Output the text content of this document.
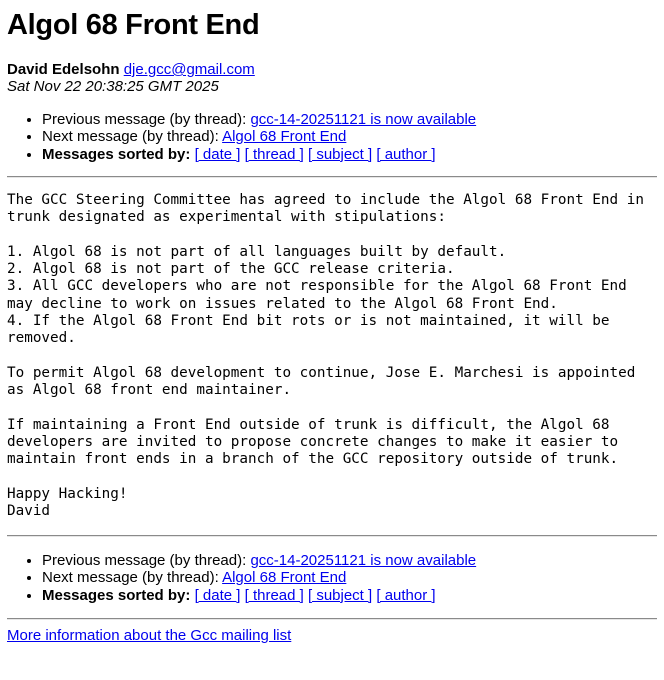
Algol 68 Front End
David Edelsohn dje.gcc@gmail.com
Sat Nov 22 20:38:25 GMT 2025
• Previous message (by thread): gcc-14-20251121 is now available
• Next message (by thread): Algol 68 Front End
• Messages sorted by: [ date ] [ thread ] [ subject ] [ author ]
The GCC Steering Committee has agreed to include the Algol 68 Front End in
trunk designated as experimental with stipulations:

1. Algol 68 is not part of all languages built by default.
2. Algol 68 is not part of the GCC release criteria.
3. All GCC developers who are not responsible for the Algol 68 Front End
may decline to work on issues related to the Algol 68 Front End.
4. If the Algol 68 Front End bit rots or is not maintained, it will be
removed.

To permit Algol 68 development to continue, Jose E. Marchesi is appointed
as Algol 68 front end maintainer.

If maintaining a Front End outside of trunk is difficult, the Algol 68
developers are invited to propose concrete changes to make it easier to
maintain front ends in a branch of the GCC repository outside of trunk.

Happy Hacking!
David
• Previous message (by thread): gcc-14-20251121 is now available
• Next message (by thread): Algol 68 Front End
• Messages sorted by: [ date ] [ thread ] [ subject ] [ author ]
More information about the Gcc mailing list
